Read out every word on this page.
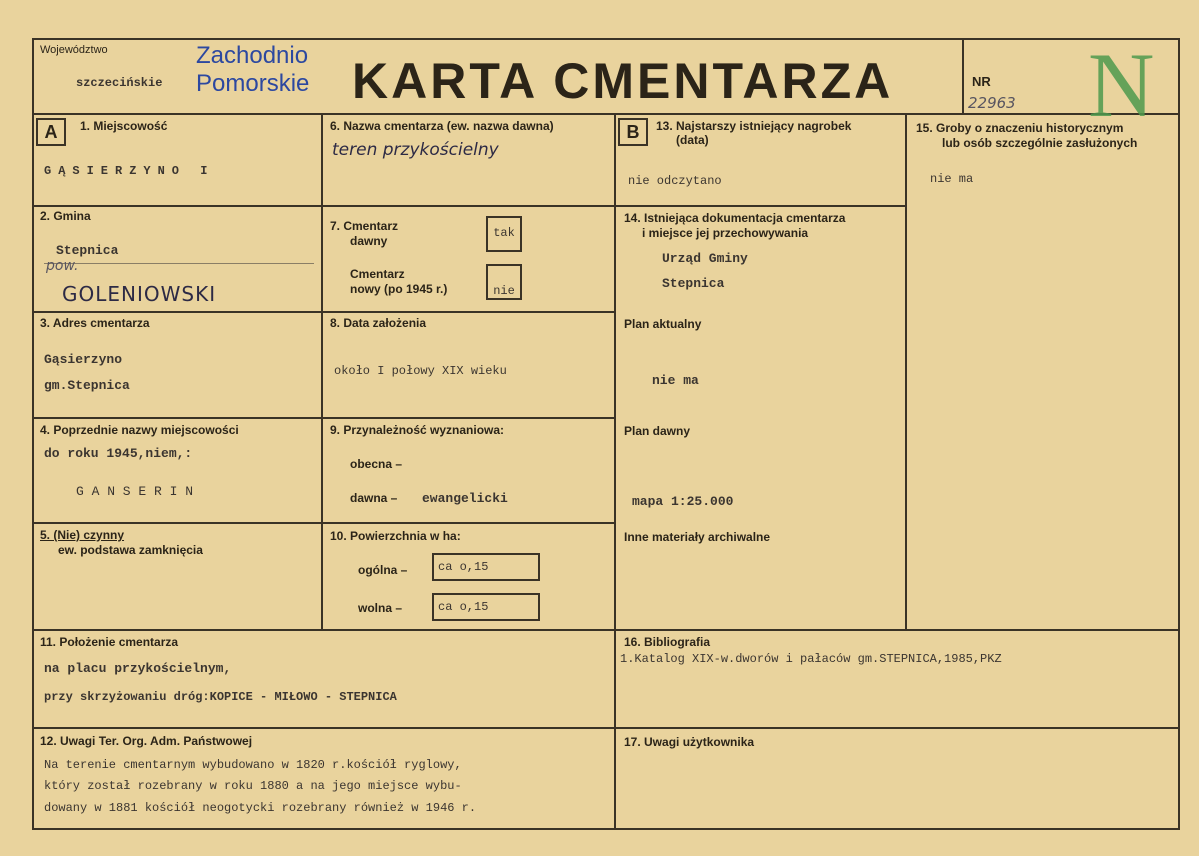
Województwo
szczecińskie
Zachodnio
Pomorskie KARTA CMENTARZA	NR
22963 N
A	1. Miejscowość
GĄSIERZYNO I
2. Gmina
Stepnica
pow.
GOLENIOWSKI
3. Adres cmentarza
Gąsierzyno
gm.Stepnica
4. Poprzednie nazwy miejscowości
do roku 1945,niem,:
G A N S E R I N
5. (Nie) czynny
ew. podstawa zamknięcia
6. Nazwa cmentarza (ew. nazwa dawna)
teren przykościelny
7. Cmentarz
dawny
tak
Cmentarz
nowy (po 1945 r.)	nie
8. Data założenia
około I połowy XIX wieku
9. Przynależność wyznaniowa:
obecna –
dawna – ewangelicki
10. Powierzchnia w ha:
ogólna –	ca o,15
wolna –	ca o,15
B	13. Najstarszy istniejący nagrobek
(data)
nie odczytano
14. Istniejąca dokumentacja cmentarza
i miejsce jej przechowywania
Urząd Gminy
Stepnica
Plan aktualny
nie ma
Plan dawny
mapa 1:25.000
Inne materiały archiwalne
15. Groby o znaczeniu historycznym
lub osób szczególnie zasłużonych
nie ma
11. Położenie cmentarza
na placu przykościelnym,
przy skrzyżowaniu dróg:KOPICE - MIŁOWO - STEPNICA
16. Bibliografia
1.Katalog XIX-w.dworów i pałaców gm.STEPNICA,1985,PKZ
12. Uwagi Ter. Org. Adm. Państwowej
Na terenie cmentarnym wybudowano w 1820 r.kościół ryglowy,
który został rozebrany w roku 1880 a na jego miejsce wybu-
dowany w 1881 kościół neogotycki rozebrany również w 1946 r.
17. Uwagi użytkownika
